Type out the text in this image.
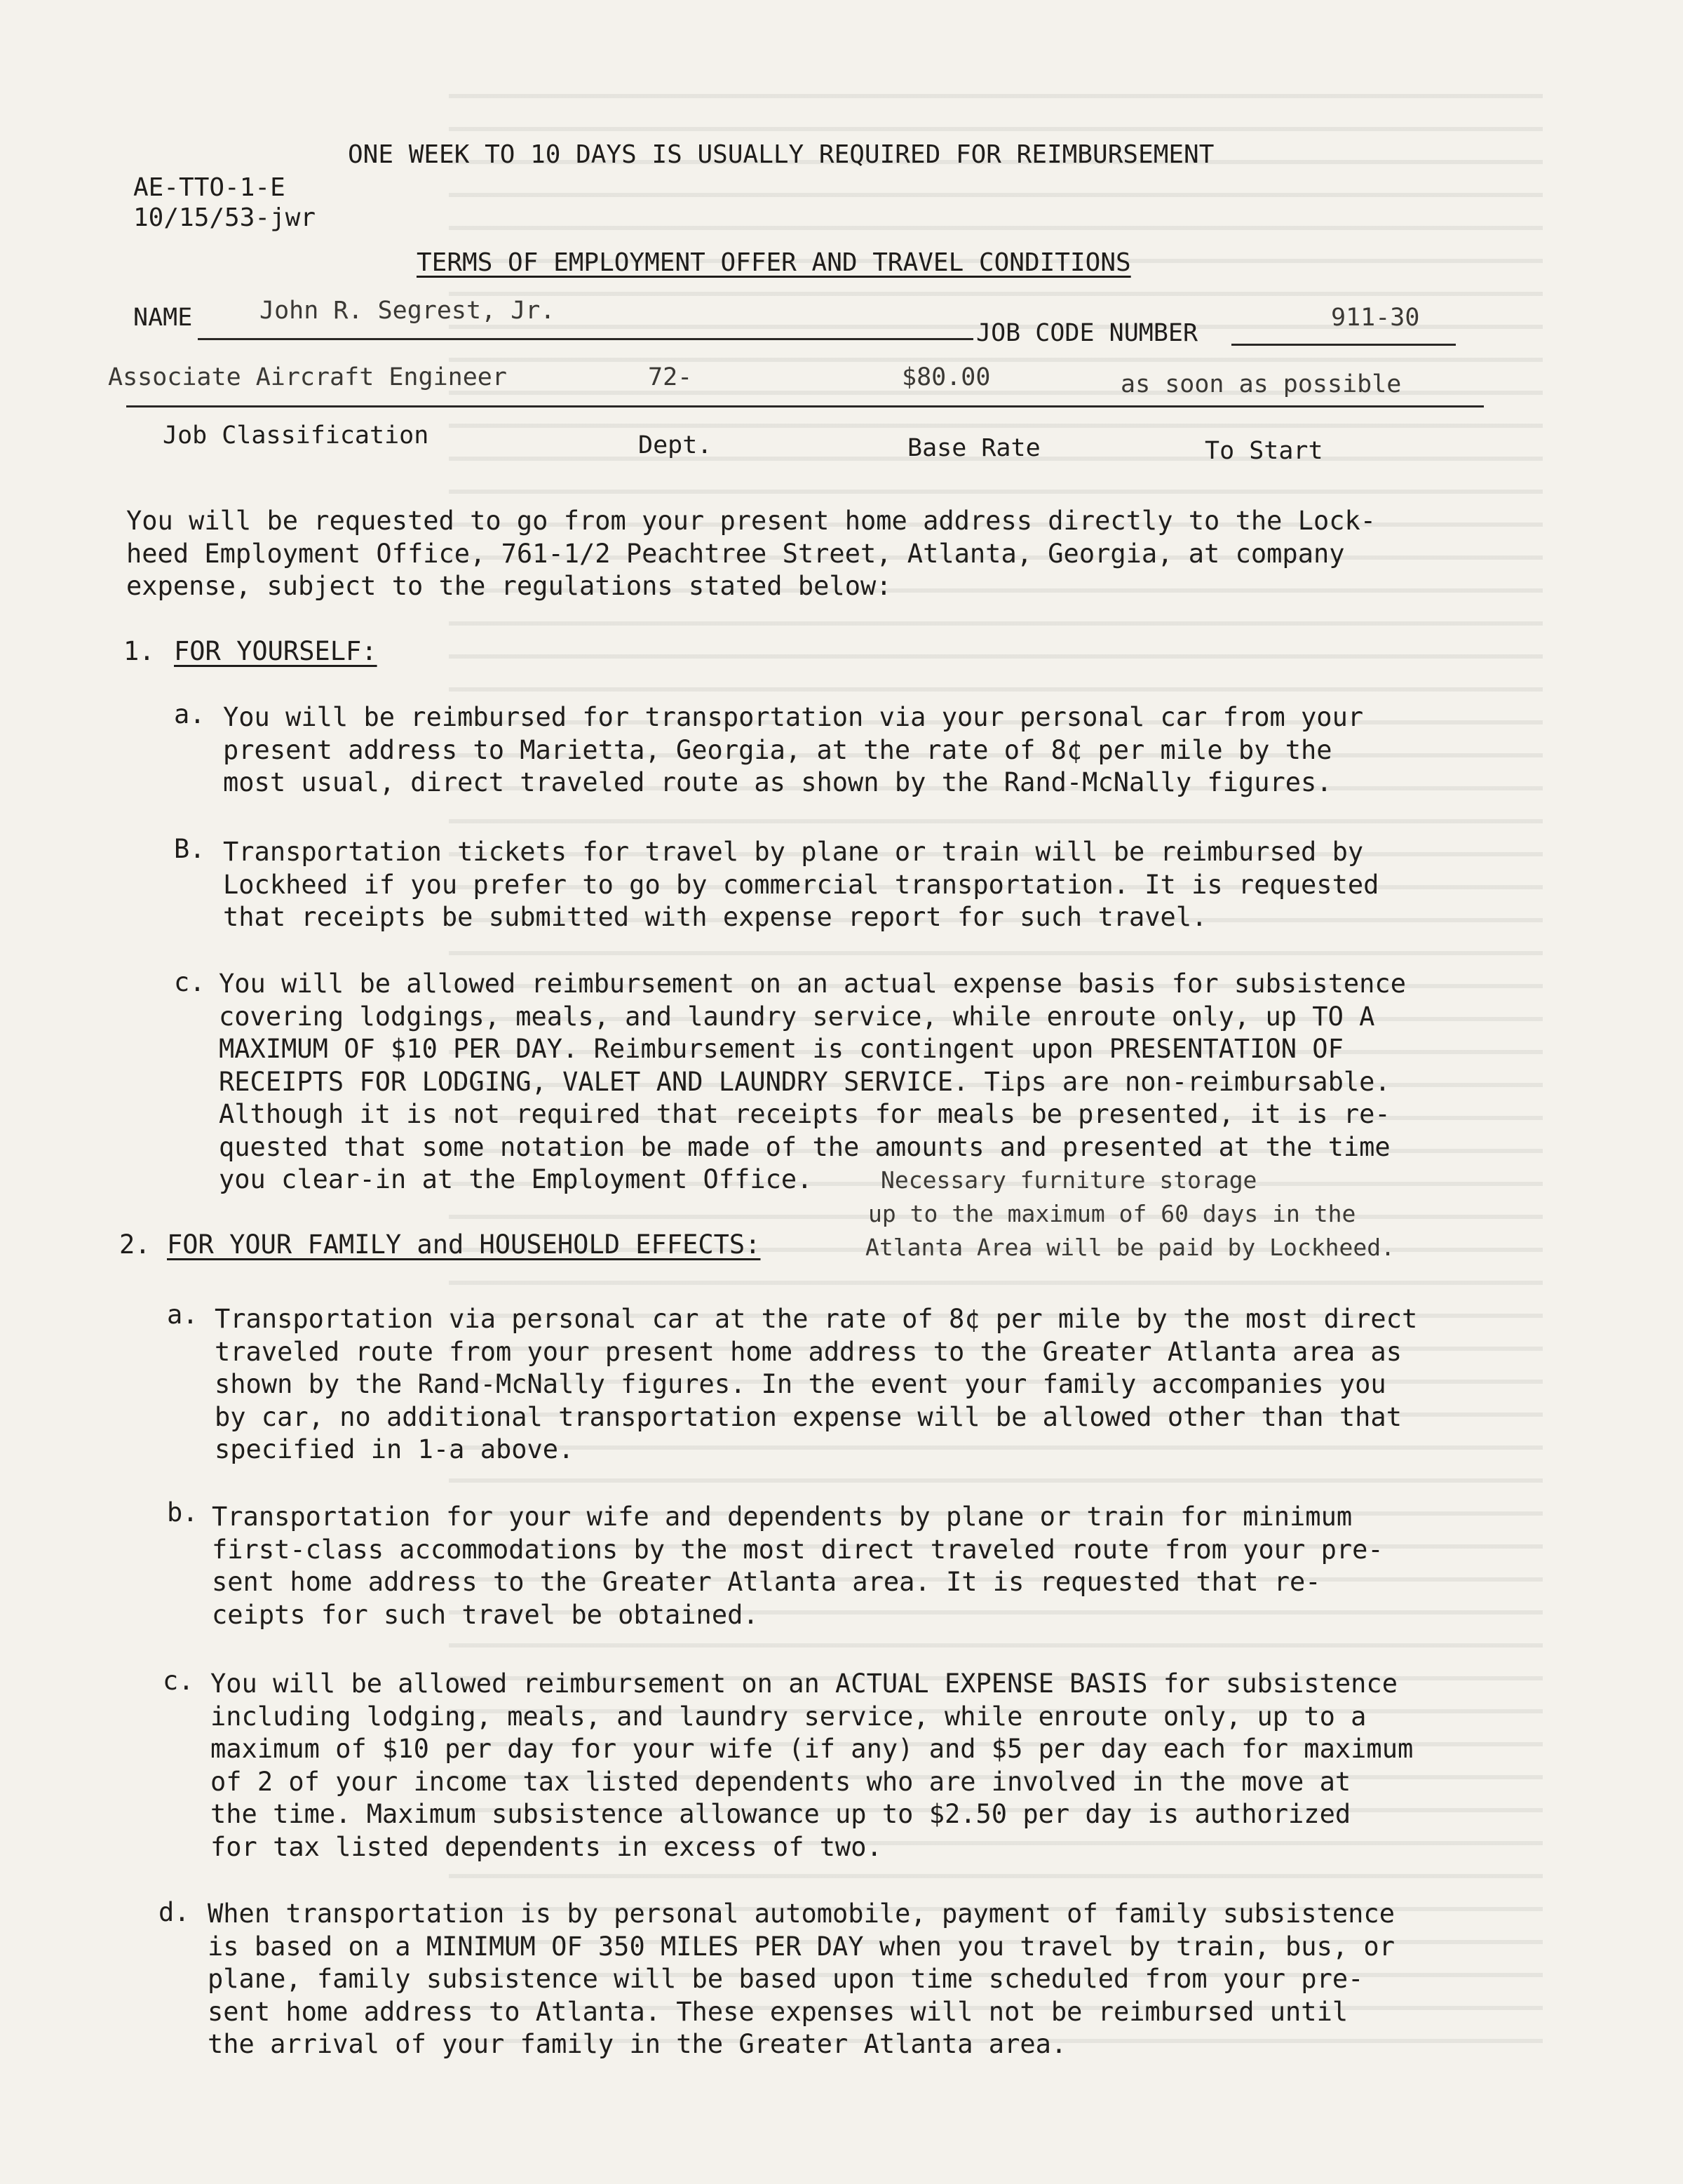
ONE WEEK TO 10 DAYS IS USUALLY REQUIRED FOR REIMBURSEMENT
AE-TTO-1-E
10/15/53-jwr
TERMS OF EMPLOYMENT OFFER AND TRAVEL CONDITIONS
NAME	John R. Segrest, Jr.
JOB CODE NUMBER
911-30
Associate Aircraft Engineer	72-	$80.00	as soon as possible
Job Classification	Dept.	Base Rate	To Start
You will be requested to go from your present home address directly to the Lock-
heed Employment Office, 761-1/2 Peachtree Street, Atlanta, Georgia, at company
expense, subject to the regulations stated below:
1. FOR YOURSELF:
a. You will be reimbursed for transportation via your personal car from your
present address to Marietta, Georgia, at the rate of 8¢ per mile by the
most usual, direct traveled route as shown by the Rand-McNally figures.
B. Transportation tickets for travel by plane or train will be reimbursed by
Lockheed if you prefer to go by commercial transportation. It is requested
that receipts be submitted with expense report for such travel.
c. You will be allowed reimbursement on an actual expense basis for subsistence
covering lodgings, meals, and laundry service, while enroute only, up TO A
MAXIMUM OF $10 PER DAY. Reimbursement is contingent upon PRESENTATION OF
RECEIPTS FOR LODGING, VALET AND LAUNDRY SERVICE. Tips are non-reimbursable.
Although it is not required that receipts for meals be presented, it is re-
quested that some notation be made of the amounts and presented at the time
you clear-in at the Employment Office.	Necessary furniture storage
up to the maximum of 60 days in the
Atlanta Area will be paid by Lockheed.
2. FOR YOUR FAMILY and HOUSEHOLD EFFECTS:
a. Transportation via personal car at the rate of 8¢ per mile by the most direct
traveled route from your present home address to the Greater Atlanta area as
shown by the Rand-McNally figures. In the event your family accompanies you
by car, no additional transportation expense will be allowed other than that
specified in 1-a above.
b. Transportation for your wife and dependents by plane or train for minimum
first-class accommodations by the most direct traveled route from your pre-
sent home address to the Greater Atlanta area. It is requested that re-
ceipts for such travel be obtained.
c. You will be allowed reimbursement on an ACTUAL EXPENSE BASIS for subsistence
including lodging, meals, and laundry service, while enroute only, up to a
maximum of $10 per day for your wife (if any) and $5 per day each for maximum
of 2 of your income tax listed dependents who are involved in the move at
the time. Maximum subsistence allowance up to $2.50 per day is authorized
for tax listed dependents in excess of two.
d. When transportation is by personal automobile, payment of family subsistence
is based on a MINIMUM OF 350 MILES PER DAY when you travel by train, bus, or
plane, family subsistence will be based upon time scheduled from your pre-
sent home address to Atlanta. These expenses will not be reimbursed until
the arrival of your family in the Greater Atlanta area.
